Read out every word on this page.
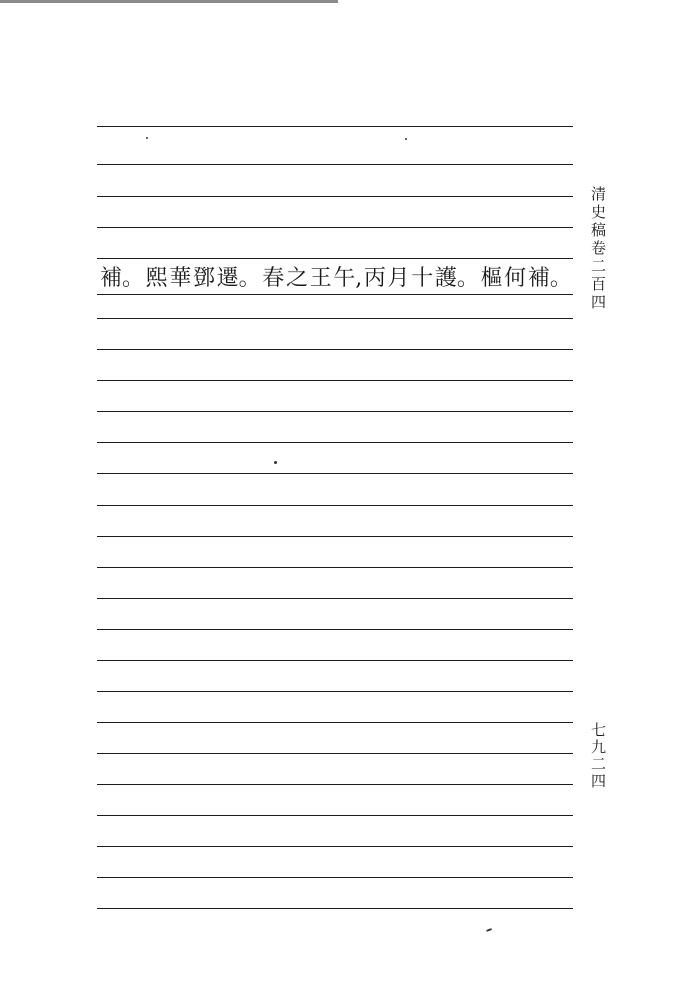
補。 熙 華 鄧 遷。 春 之 王 午, 丙 月 十 護。 樞 何 補。	清史稿卷二百四
七九二四
